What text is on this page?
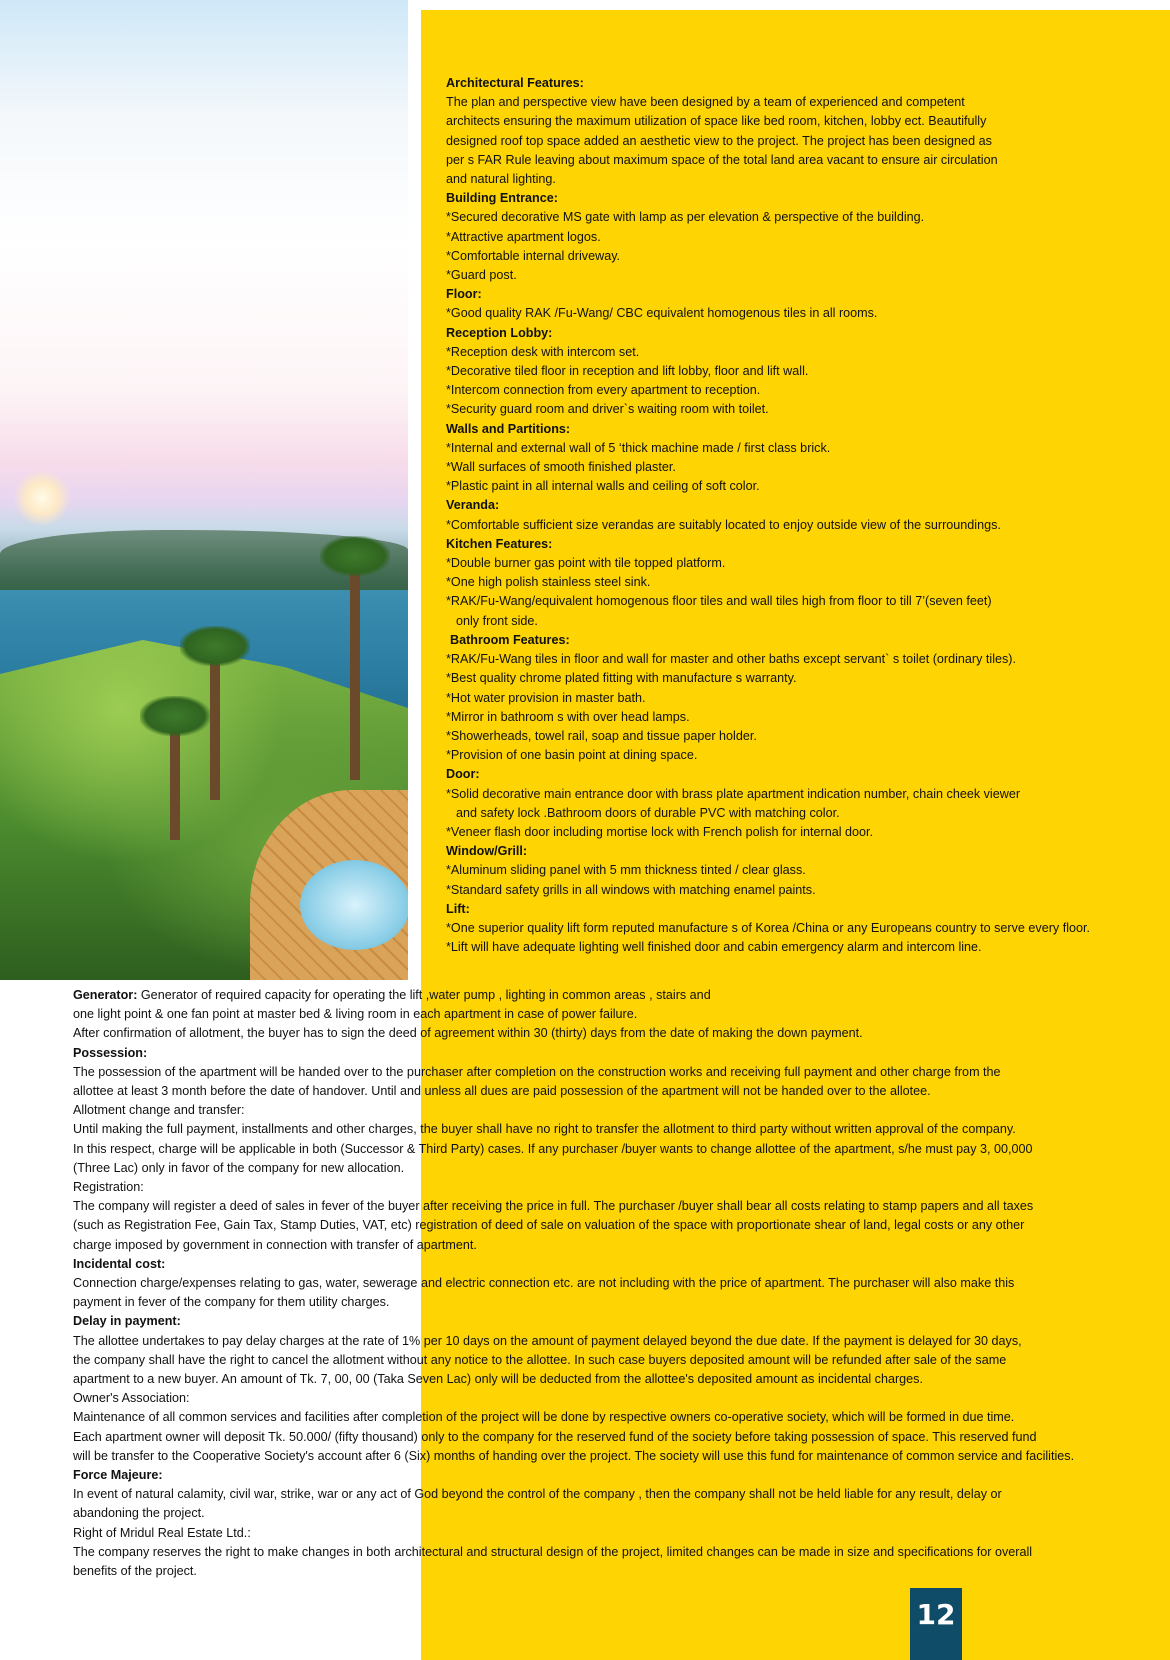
Architectural Features:

The plan and perspective view have been designed by a team of experienced and competent

architects ensuring the maximum utilization of space like bed room, kitchen, lobby ect. Beautifully

designed roof top space added an aesthetic view to the project. The project has been designed as

per s FAR Rule leaving about maximum space of the total land area vacant to ensure air circulation

and natural lighting.

Building Entrance:

*Secured decorative MS gate with lamp as per elevation & perspective of the building.

*Attractive apartment logos.

*Comfortable internal driveway.

*Guard post.

Floor:

*Good quality RAK /Fu-Wang/ CBC equivalent homogenous tiles in all rooms.

Reception Lobby:

*Reception desk with intercom set.

*Decorative tiled floor in reception and lift lobby, floor and lift wall.

*Intercom connection from every apartment to reception.

*Security guard room and driver`s waiting room with toilet.

Walls and Partitions:

*Internal and external wall of 5 ‘thick machine made / first class brick.

*Wall surfaces of smooth finished plaster.

*Plastic paint in all internal walls and ceiling of soft color.

Veranda:

*Comfortable sufficient size verandas are suitably located to enjoy outside view of the surroundings.

Kitchen Features:

*Double burner gas point with tile topped platform.

*One high polish stainless steel sink.

*RAK/Fu-Wang/equivalent homogenous floor tiles and wall tiles high from floor to till 7’(seven feet)

only front side.

Bathroom Features:

*RAK/Fu-Wang tiles in floor and wall for master and other baths except servant` s toilet (ordinary tiles).

*Best quality chrome plated fitting with manufacture s warranty.

*Hot water provision in master bath.

*Mirror in bathroom s with over head lamps.

*Showerheads, towel rail, soap and tissue paper holder.

*Provision of one basin point at dining space.

Door:

*Solid decorative main entrance door with brass plate apartment indication number, chain cheek viewer

and safety lock .Bathroom doors of durable PVC with matching color.

*Veneer flash door including mortise lock with French polish for internal door.

Window/Grill:

*Aluminum sliding panel with 5 mm thickness tinted / clear glass.

*Standard safety grills in all windows with matching enamel paints.

Lift:

*One superior quality lift form reputed manufacture s of Korea /China or any Europeans country to serve every floor.

*Lift will have adequate lighting well finished door and cabin emergency alarm and intercom line.

Generator: Generator of required capacity for operating the lift ,water pump , lighting in common areas , stairs and

one light point & one fan point at master bed & living room in each apartment in case of power failure.

After confirmation of allotment, the buyer has to sign the deed of agreement within 30 (thirty) days from the date of making the down payment.

Possession:

The possession of the apartment will be handed over to the purchaser after completion on the construction works and receiving full payment and other charge from the

allottee at least 3 month before the date of handover. Until and unless all dues are paid possession of the apartment will not be handed over to the allotee.

Allotment change and transfer:

Until making the full payment, installments and other charges, the buyer shall have no right to transfer the allotment to third party without written approval of the company.

In this respect, charge will be applicable in both (Successor & Third Party) cases. If any purchaser /buyer wants to change allottee of the apartment, s/he must pay 3, 00,000

(Three Lac) only in favor of the company for new allocation.

Registration:

The company will register a deed of sales in fever of the buyer after receiving the price in full. The purchaser /buyer shall bear all costs relating to stamp papers and all taxes

(such as Registration Fee, Gain Tax, Stamp Duties, VAT, etc) registration of deed of sale on valuation of the space with proportionate shear of land, legal costs or any other

charge imposed by government in connection with transfer of apartment.

Incidental cost:

Connection charge/expenses relating to gas, water, sewerage and electric connection etc. are not including with the price of apartment. The purchaser will also make this

payment in fever of the company for them utility charges.

Delay in payment:

The allottee undertakes to pay delay charges at the rate of 1% per 10 days on the amount of payment delayed beyond the due date. If the payment is delayed for 30 days,

the company shall have the right to cancel the allotment without any notice to the allottee. In such case buyers deposited amount will be refunded after sale of the same

apartment to a new buyer. An amount of Tk. 7, 00, 00 (Taka Seven Lac) only will be deducted from the allottee's deposited amount as incidental charges.

Owner's Association:

Maintenance of all common services and facilities after completion of the project will be done by respective owners co-operative society, which will be formed in due time.

Each apartment owner will deposit Tk. 50.000/ (fifty thousand) only to the company for the reserved fund of the society before taking possession of space. This reserved fund

will be transfer to the Cooperative Society's account after 6 (Six) months of handing over the project. The society will use this fund for maintenance of common service and facilities.

Force Majeure:

In event of natural calamity, civil war, strike, war or any act of God beyond the control of the company , then the company shall not be held liable for any result, delay or

abandoning the project.

Right of Mridul Real Estate Ltd.:

The company reserves the right to make changes in both architectural and structural design of the project, limited changes can be made in size and specifications for overall

benefits of the project.

12
